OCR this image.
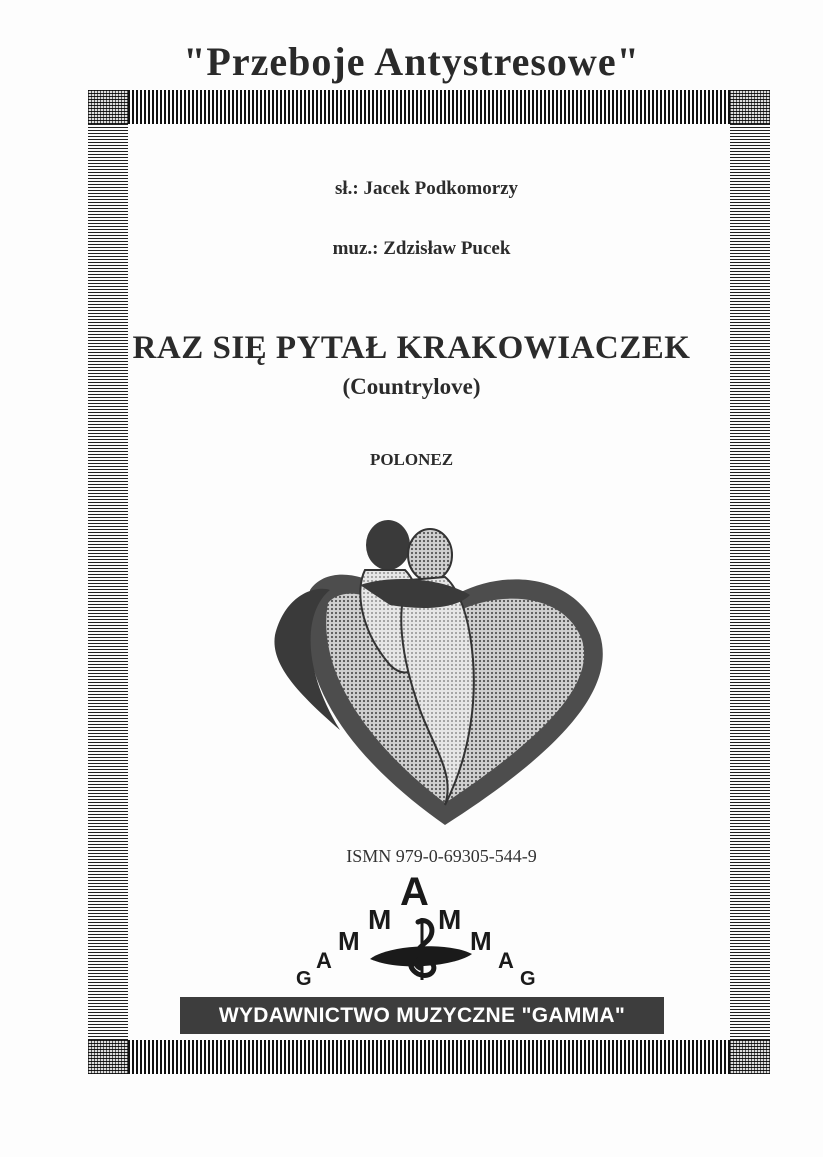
"Przeboje Antystresowe"
sł.: Jacek Podkomorzy
muz.: Zdzisław Pucek
RAZ SIĘ PYTAŁ KRAKOWIACZEK
(Countrylove)
POLONEZ
ISMN 979-0-69305-544-9
G
A
M
M
A
M
M
A
G
WYDAWNICTWO MUZYCZNE "GAMMA"
